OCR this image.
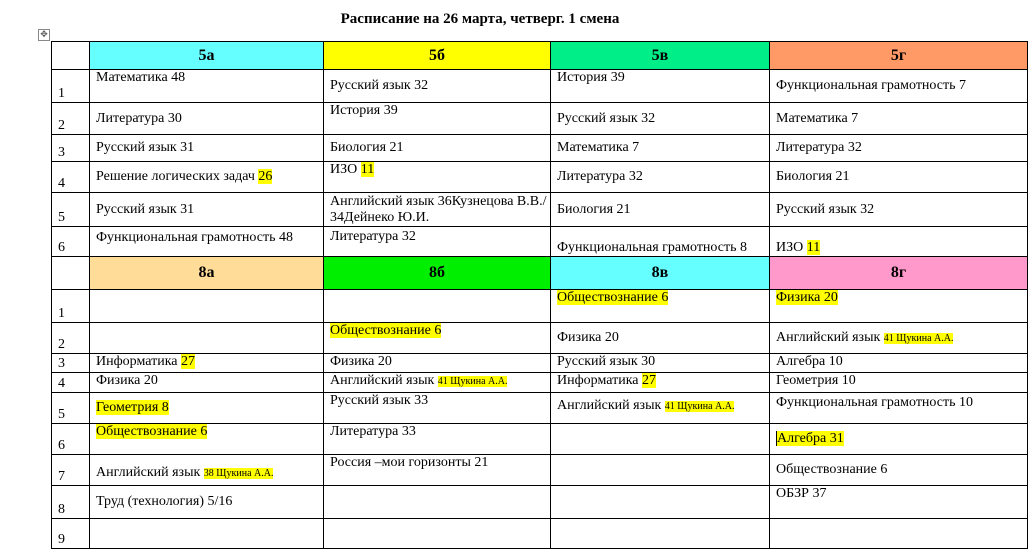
Расписание на 26 марта, четверг. 1 смена
✥
	5а	5б	5в	5г
1	Математика 48	Русский язык 32	История 39	Функциональная грамотность 7
2	Литература 30	История 39	Русский язык 32	Математика 7
3	Русский язык 31	Биология 21	Математика 7	Литература 32
4	Решение логических задач 26	ИЗО 11	Литература 32	Биология 21
5	Русский язык 31	Английский язык 36Кузнецова В.В./
34Дейнеко Ю.И.	Биология 21	Русский язык 32
6	Функциональная грамотность 48	Литература 32	Функциональная грамотность 8	ИЗО 11
	8а	8б	8в	8г
1			Обществознание 6	Физика 20
2		Обществознание 6	Физика 20	Английский язык 41 Щукина А.А.
3	Информатика 27	Физика 20	Русский язык 30	Алгебра 10
4	Физика 20	Английский язык 41 Щукина А.А.	Информатика 27	Геометрия 10
5	Геометрия 8	Русский язык 33	Английский язык 41 Щукина А.А.	Функциональная грамотность 10
6	Обществознание 6	Литература 33		Алгебра 31
7	Английский язык 38 Щукина А.А.	Россия –мои горизонты 21		Обществознание 6
8	Труд (технология) 5/16			ОБЗР 37
9				
